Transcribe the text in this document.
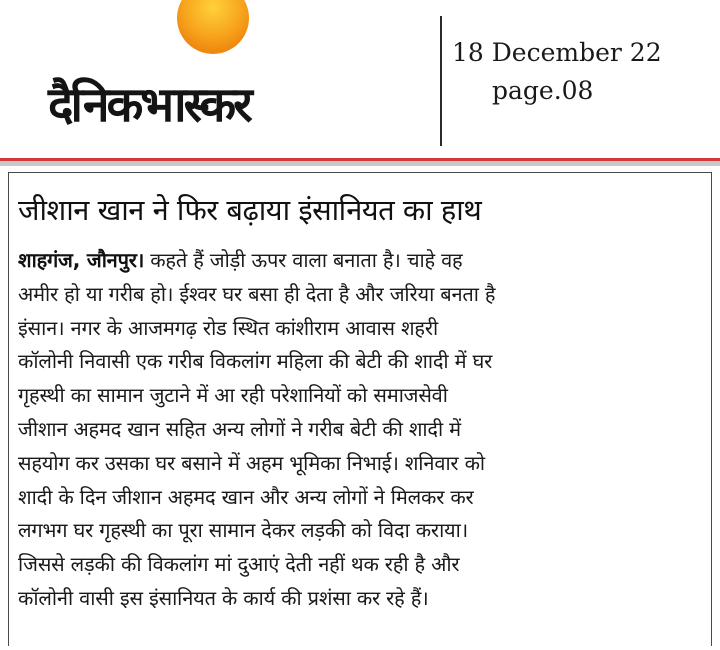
दैनिकभास्कर
18 December 22
page.08
जीशान खान ने फिर बढ़ाया इंसानियत का हाथ
शाहगंज, जौनपुर। कहते हैं जोड़ी ऊपर वाला बनाता है। चाहे वह
अमीर हो या गरीब हो। ईश्वर घर बसा ही देता है और जरिया बनता है
इंसान। नगर के आजमगढ़ रोड स्थित कांशीराम आवास शहरी
कॉलोनी निवासी एक गरीब विकलांग महिला की बेटी की शादी में घर
गृहस्थी का सामान जुटाने में आ रही परेशानियों को समाजसेवी
जीशान अहमद खान सहित अन्य लोगों ने गरीब बेटी की शादी में
सहयोग कर उसका घर बसाने में अहम भूमिका निभाई। शनिवार को
शादी के दिन जीशान अहमद खान और अन्य लोगों ने मिलकर कर
लगभग घर गृहस्थी का पूरा सामान देकर लड़की को विदा कराया।
जिससे लड़की की विकलांग मां दुआएं देती नहीं थक रही है और
कॉलोनी वासी इस इंसानियत के कार्य की प्रशंसा कर रहे हैं।
